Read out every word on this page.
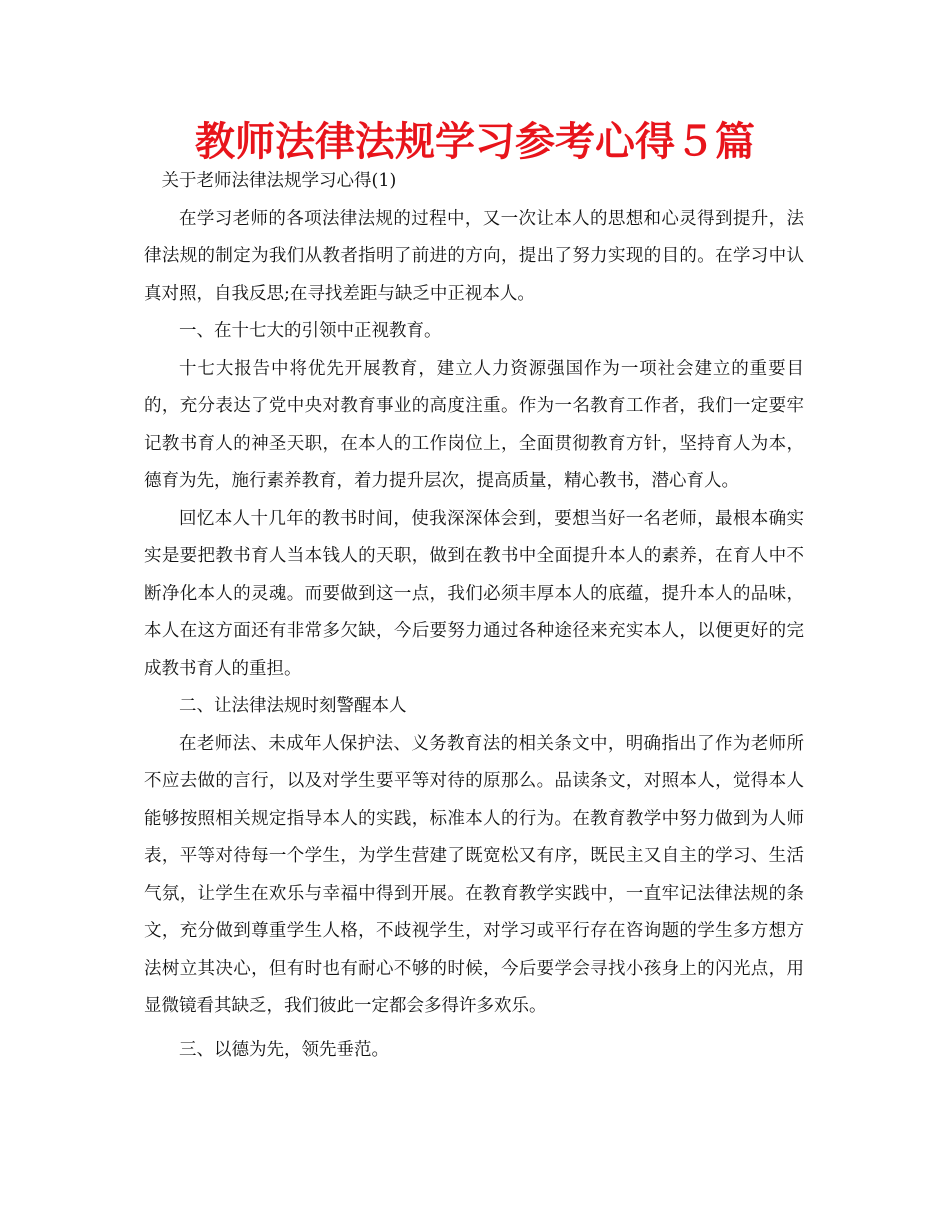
教师法律法规学习参考心得５篇

关于老师法律法规学习心得(1)

在学习老师的各项法律法规的过程中，又一次让本人的思想和心灵得到提升，法律法规的制定为我们从教者指明了前进的方向，提出了努力实现的目的。在学习中认真对照，自我反思;在寻找差距与缺乏中正视本人。

一、在十七大的引领中正视教育。

十七大报告中将优先开展教育，建立人力资源强国作为一项社会建立的重要目的，充分表达了党中央对教育事业的高度注重。作为一名教育工作者，我们一定要牢记教书育人的神圣天职，在本人的工作岗位上，全面贯彻教育方针，坚持育人为本，德育为先，施行素养教育，着力提升层次，提高质量，精心教书，潜心育人。

回忆本人十几年的教书时间，使我深深体会到，要想当好一名老师，最根本确实实是要把教书育人当本钱人的天职，做到在教书中全面提升本人的素养，在育人中不断净化本人的灵魂。而要做到这一点，我们必须丰厚本人的底蕴，提升本人的品味，本人在这方面还有非常多欠缺，今后要努力通过各种途径来充实本人，以便更好的完成教书育人的重担。

二、让法律法规时刻警醒本人

在老师法、未成年人保护法、义务教育法的相关条文中，明确指出了作为老师所不应去做的言行，以及对学生要平等对待的原那么。品读条文，对照本人，觉得本人能够按照相关规定指导本人的实践，标准本人的行为。在教育教学中努力做到为人师表，平等对待每一个学生，为学生营建了既宽松又有序，既民主又自主的学习、生活气氛，让学生在欢乐与幸福中得到开展。在教育教学实践中，一直牢记法律法规的条文，充分做到尊重学生人格，不歧视学生，对学习或平行存在咨询题的学生多方想方法树立其决心，但有时也有耐心不够的时候，今后要学会寻找小孩身上的闪光点，用显微镜看其缺乏，我们彼此一定都会多得许多欢乐。

三、以德为先，领先垂范。
